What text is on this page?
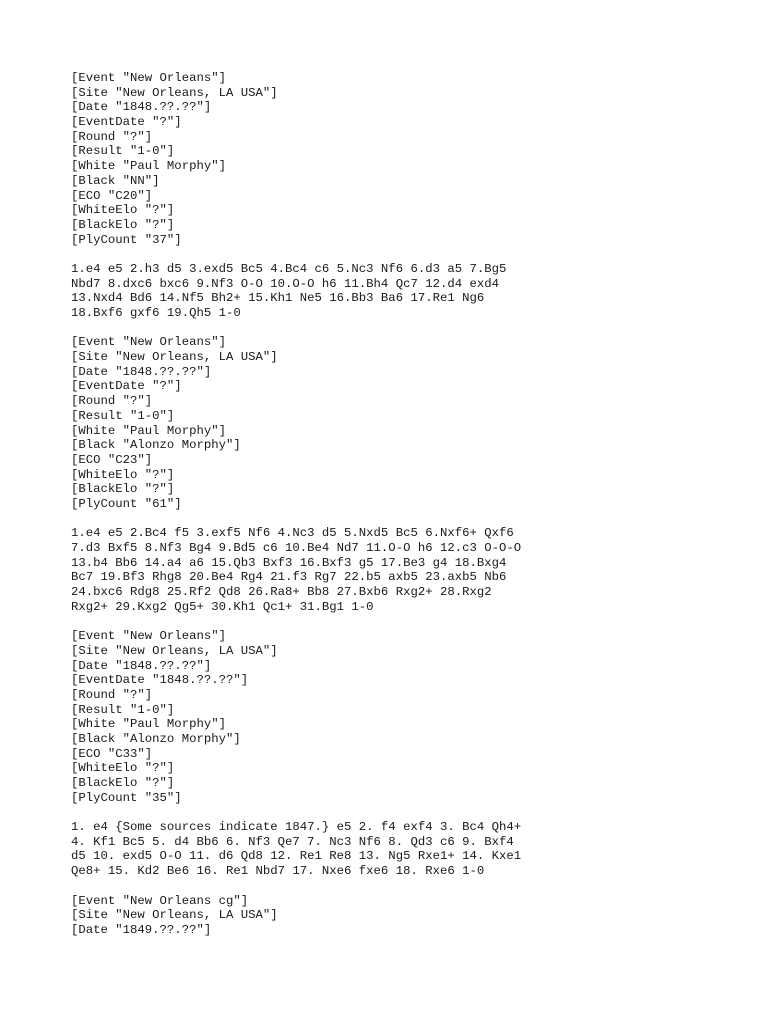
[Event "New Orleans"]
[Site "New Orleans, LA USA"]
[Date "1848.??.??"]
[EventDate "?"]
[Round "?"]
[Result "1-0"]
[White "Paul Morphy"]
[Black "NN"]
[ECO "C20"]
[WhiteElo "?"]
[BlackElo "?"]
[PlyCount "37"]
1.e4 e5 2.h3 d5 3.exd5 Bc5 4.Bc4 c6 5.Nc3 Nf6 6.d3 a5 7.Bg5
Nbd7 8.dxc6 bxc6 9.Nf3 O-O 10.O-O h6 11.Bh4 Qc7 12.d4 exd4
13.Nxd4 Bd6 14.Nf5 Bh2+ 15.Kh1 Ne5 16.Bb3 Ba6 17.Re1 Ng6
18.Bxf6 gxf6 19.Qh5 1-0
[Event "New Orleans"]
[Site "New Orleans, LA USA"]
[Date "1848.??.??"]
[EventDate "?"]
[Round "?"]
[Result "1-0"]
[White "Paul Morphy"]
[Black "Alonzo Morphy"]
[ECO "C23"]
[WhiteElo "?"]
[BlackElo "?"]
[PlyCount "61"]
1.e4 e5 2.Bc4 f5 3.exf5 Nf6 4.Nc3 d5 5.Nxd5 Bc5 6.Nxf6+ Qxf6
7.d3 Bxf5 8.Nf3 Bg4 9.Bd5 c6 10.Be4 Nd7 11.O-O h6 12.c3 O-O-O
13.b4 Bb6 14.a4 a6 15.Qb3 Bxf3 16.Bxf3 g5 17.Be3 g4 18.Bxg4
Bc7 19.Bf3 Rhg8 20.Be4 Rg4 21.f3 Rg7 22.b5 axb5 23.axb5 Nb6
24.bxc6 Rdg8 25.Rf2 Qd8 26.Ra8+ Bb8 27.Bxb6 Rxg2+ 28.Rxg2
Rxg2+ 29.Kxg2 Qg5+ 30.Kh1 Qc1+ 31.Bg1 1-0
[Event "New Orleans"]
[Site "New Orleans, LA USA"]
[Date "1848.??.??"]
[EventDate "1848.??.??"]
[Round "?"]
[Result "1-0"]
[White "Paul Morphy"]
[Black "Alonzo Morphy"]
[ECO "C33"]
[WhiteElo "?"]
[BlackElo "?"]
[PlyCount "35"]
1. e4 {Some sources indicate 1847.} e5 2. f4 exf4 3. Bc4 Qh4+
4. Kf1 Bc5 5. d4 Bb6 6. Nf3 Qe7 7. Nc3 Nf6 8. Qd3 c6 9. Bxf4
d5 10. exd5 O-O 11. d6 Qd8 12. Re1 Re8 13. Ng5 Rxe1+ 14. Kxe1
Qe8+ 15. Kd2 Be6 16. Re1 Nbd7 17. Nxe6 fxe6 18. Rxe6 1-0
[Event "New Orleans cg"]
[Site "New Orleans, LA USA"]
[Date "1849.??.??"]
